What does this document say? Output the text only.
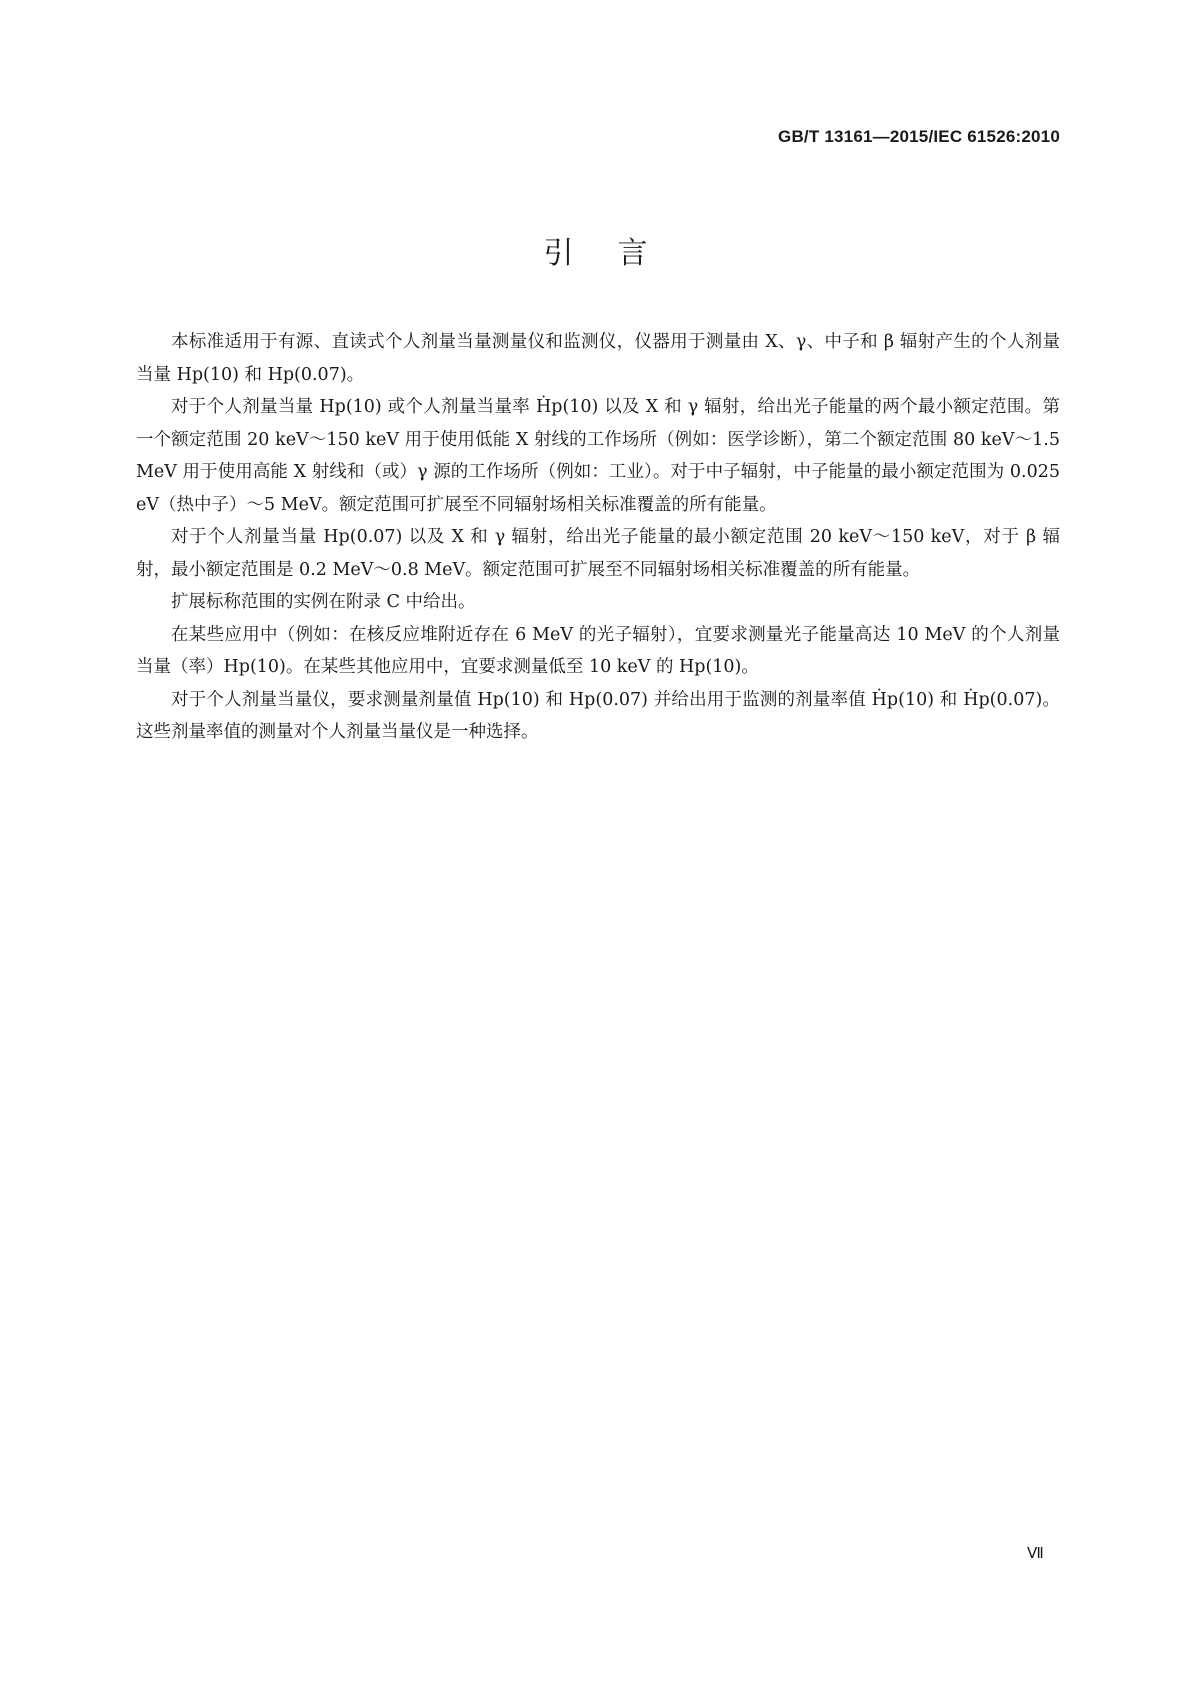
GB/T 13161—2015/IEC 61526:2010
引言

本标准适用于有源、直读式个人剂量当量测量仪和监测仪，仪器用于测量由 X、γ、中子和 β 辐射产生的个人剂量当量 Hp(10) 和 Hp(0.07)。

对于个人剂量当量 Hp(10) 或个人剂量当量率 Ḣp(10) 以及 X 和 γ 辐射，给出光子能量的两个最小额定范围。第一个额定范围 20 keV～150 keV 用于使用低能 X 射线的工作场所（例如：医学诊断），第二个额定范围 80 keV～1.5 MeV 用于使用高能 X 射线和（或）γ 源的工作场所（例如：工业）。对于中子辐射，中子能量的最小额定范围为 0.025 eV（热中子）～5 MeV。额定范围可扩展至不同辐射场相关标准覆盖的所有能量。

对于个人剂量当量 Hp(0.07) 以及 X 和 γ 辐射，给出光子能量的最小额定范围 20 keV～150 keV，对于 β 辐射，最小额定范围是 0.2 MeV～0.8 MeV。额定范围可扩展至不同辐射场相关标准覆盖的所有能量。

扩展标称范围的实例在附录 C 中给出。

在某些应用中（例如：在核反应堆附近存在 6 MeV 的光子辐射），宜要求测量光子能量高达 10 MeV 的个人剂量当量（率）Hp(10)。在某些其他应用中，宜要求测量低至 10 keV 的 Hp(10)。

对于个人剂量当量仪，要求测量剂量值 Hp(10) 和 Hp(0.07) 并给出用于监测的剂量率值 Ḣp(10) 和 Ḣp(0.07)。这些剂量率值的测量对个人剂量当量仪是一种选择。

Ⅶ
